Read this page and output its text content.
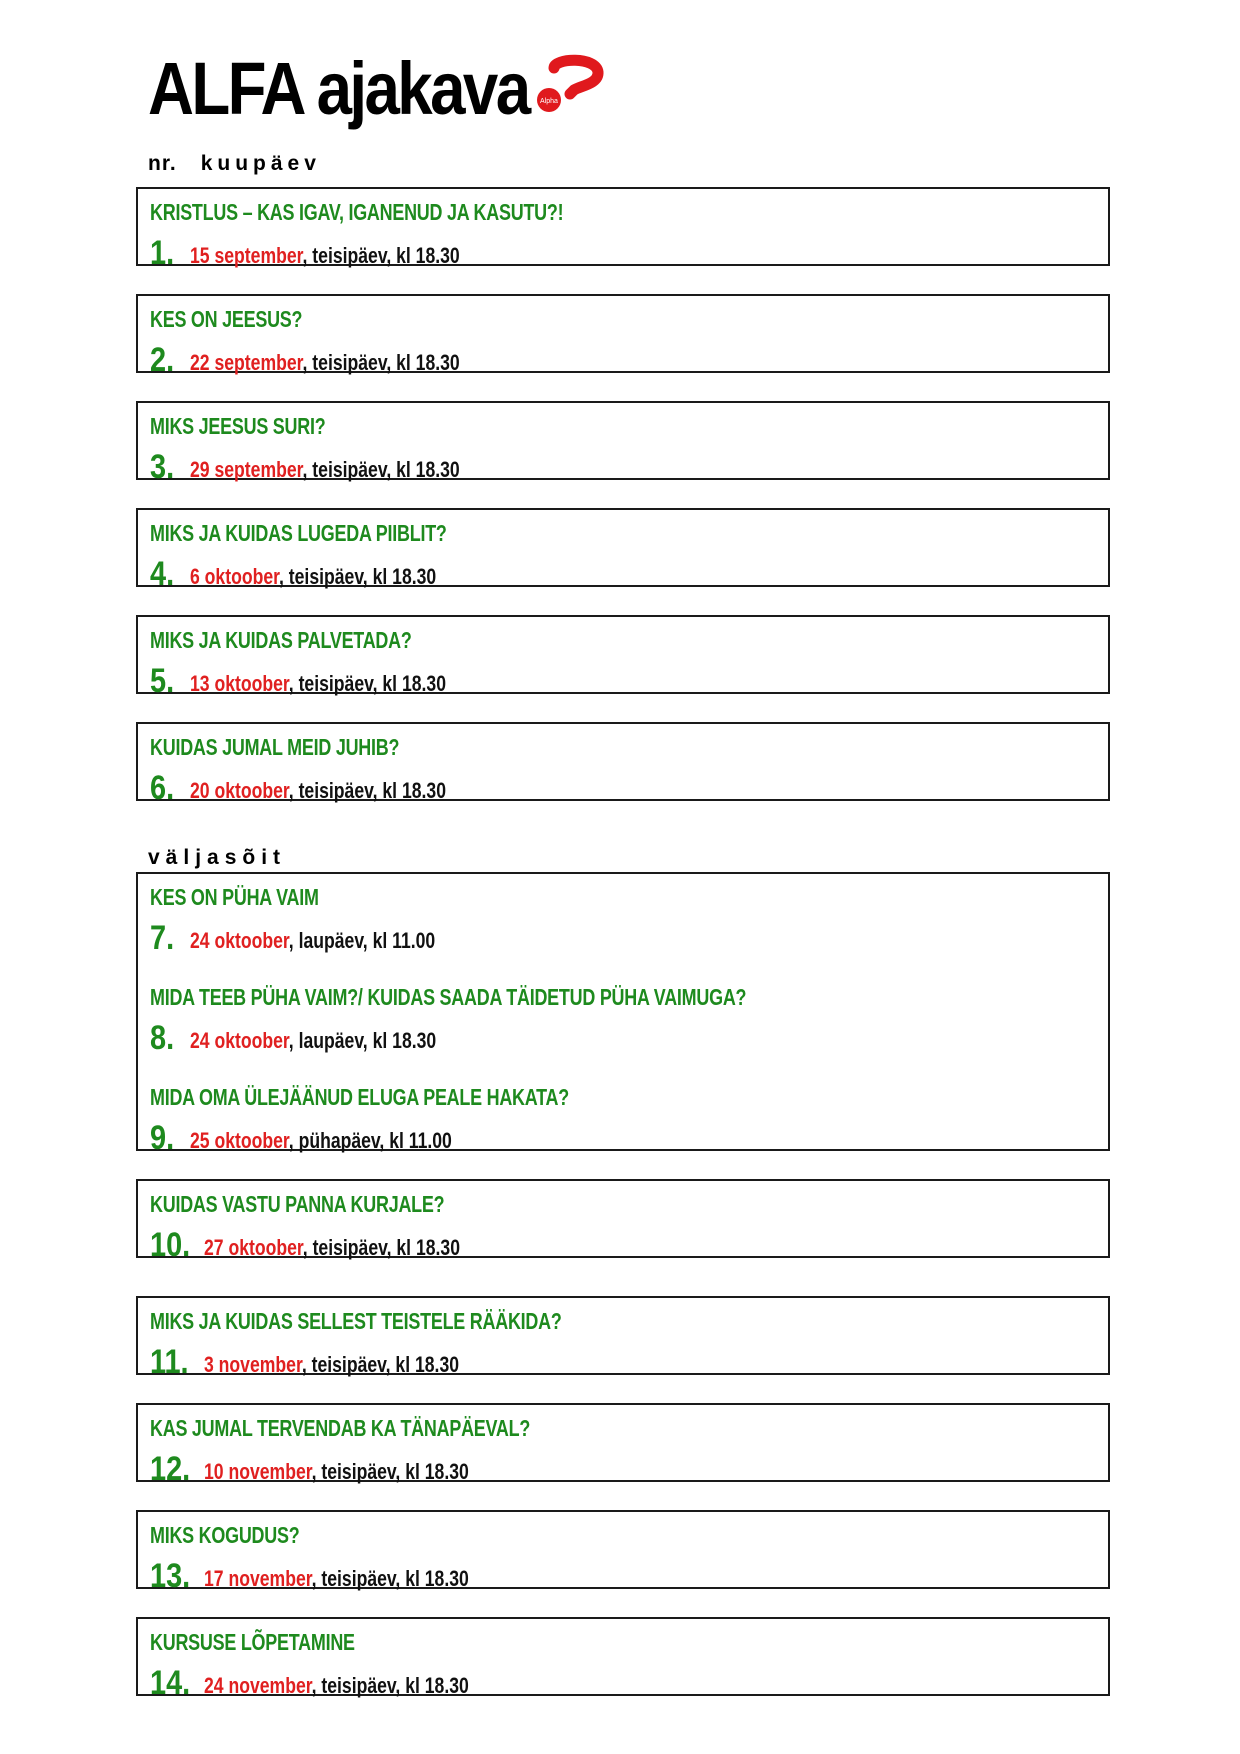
ALFA ajakava	Alpha
nr. kuupäev
KRISTLUS – KAS IGAV, IGANENUD JA KASUTU?!
1. 15 september, teisipäev, kl 18.30
KES ON JEESUS?
2. 22 september, teisipäev, kl 18.30
MIKS JEESUS SURI?
3. 29 september, teisipäev, kl 18.30
MIKS JA KUIDAS LUGEDA PIIBLIT?
4. 6 oktoober, teisipäev, kl 18.30
MIKS JA KUIDAS PALVETADA?
5. 13 oktoober, teisipäev, kl 18.30
KUIDAS JUMAL MEID JUHIB?
6. 20 oktoober, teisipäev, kl 18.30
väljasõit
KES ON PÜHA VAIM
7. 24 oktoober, laupäev, kl 11.00
MIDA TEEB PÜHA VAIM?/ KUIDAS SAADA TÄIDETUD PÜHA VAIMUGA?
8. 24 oktoober, laupäev, kl 18.30
MIDA OMA ÜLEJÄÄNUD ELUGA PEALE HAKATA?
9. 25 oktoober, pühapäev, kl 11.00
KUIDAS VASTU PANNA KURJALE?
10. 27 oktoober, teisipäev, kl 18.30
MIKS JA KUIDAS SELLEST TEISTELE RÄÄKIDA?
11. 3 november, teisipäev, kl 18.30
KAS JUMAL TERVENDAB KA TÄNAPÄEVAL?
12. 10 november, teisipäev, kl 18.30
MIKS KOGUDUS?
13. 17 november, teisipäev, kl 18.30
KURSUSE LÕPETAMINE
14. 24 november, teisipäev, kl 18.30
